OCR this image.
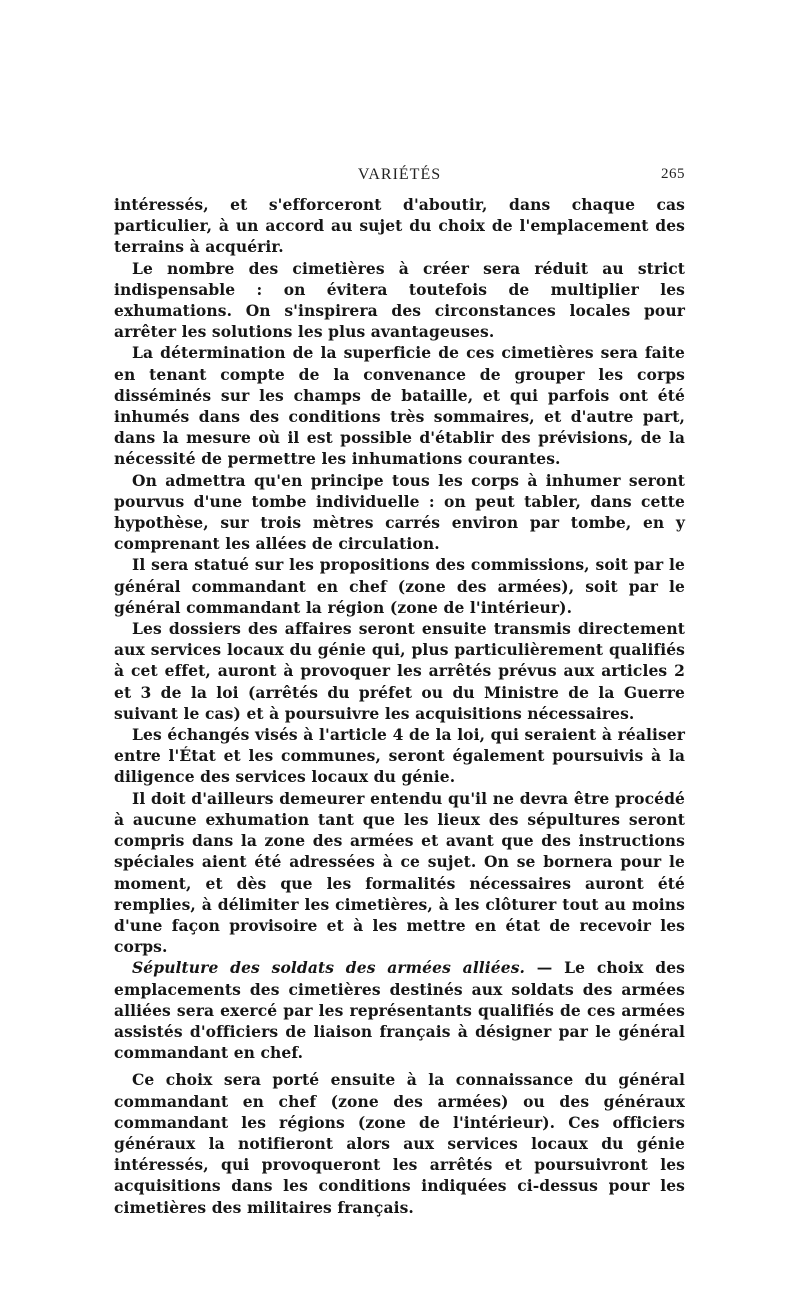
VARIÉTÉS	265

intéressés, et s'efforceront d'aboutir, dans chaque cas particulier, à un accord au sujet du choix de l'emplacement des terrains à acquérir.

Le nombre des cimetières à créer sera réduit au strict indispensable : on évitera toutefois de multiplier les exhumations. On s'inspirera des circonstances locales pour arrêter les solutions les plus avantageuses.

La détermination de la superficie de ces cimetières sera faite en tenant compte de la convenance de grouper les corps disséminés sur les champs de bataille, et qui parfois ont été inhumés dans des conditions très sommaires, et d'autre part, dans la mesure où il est possible d'établir des prévisions, de la nécessité de permettre les inhumations courantes.

On admettra qu'en principe tous les corps à inhumer seront pourvus d'une tombe individuelle : on peut tabler, dans cette hypothèse, sur trois mètres carrés environ par tombe, en y comprenant les allées de circulation.

Il sera statué sur les propositions des commissions, soit par le général commandant en chef (zone des armées), soit par le général commandant la région (zone de l'intérieur).

Les dossiers des affaires seront ensuite transmis directement aux services locaux du génie qui, plus particulièrement qualifiés à cet effet, auront à provoquer les arrêtés prévus aux articles 2 et 3 de la loi (arrêtés du préfet ou du Ministre de la Guerre suivant le cas) et à poursuivre les acquisitions nécessaires.

Les échangés visés à l'article 4 de la loi, qui seraient à réaliser entre l'État et les communes, seront également poursuivis à la diligence des services locaux du génie.

Il doit d'ailleurs demeurer entendu qu'il ne devra être procédé à aucune exhumation tant que les lieux des sépultures seront compris dans la zone des armées et avant que des instructions spéciales aient été adressées à ce sujet. On se bornera pour le moment, et dès que les formalités nécessaires auront été remplies, à délimiter les cimetières, à les clôturer tout au moins d'une façon provisoire et à les mettre en état de recevoir les corps.

Sépulture des soldats des armées alliées. — Le choix des emplacements des cimetières destinés aux soldats des armées alliées sera exercé par les représentants qualifiés de ces armées assistés d'officiers de liaison français à désigner par le général commandant en chef.

Ce choix sera porté ensuite à la connaissance du général commandant en chef (zone des armées) ou des généraux commandant les régions (zone de l'intérieur). Ces officiers généraux la notifieront alors aux services locaux du génie intéressés, qui provoqueront les arrêtés et poursuivront les acquisitions dans les conditions indiquées ci-dessus pour les cimetières des militaires français.
